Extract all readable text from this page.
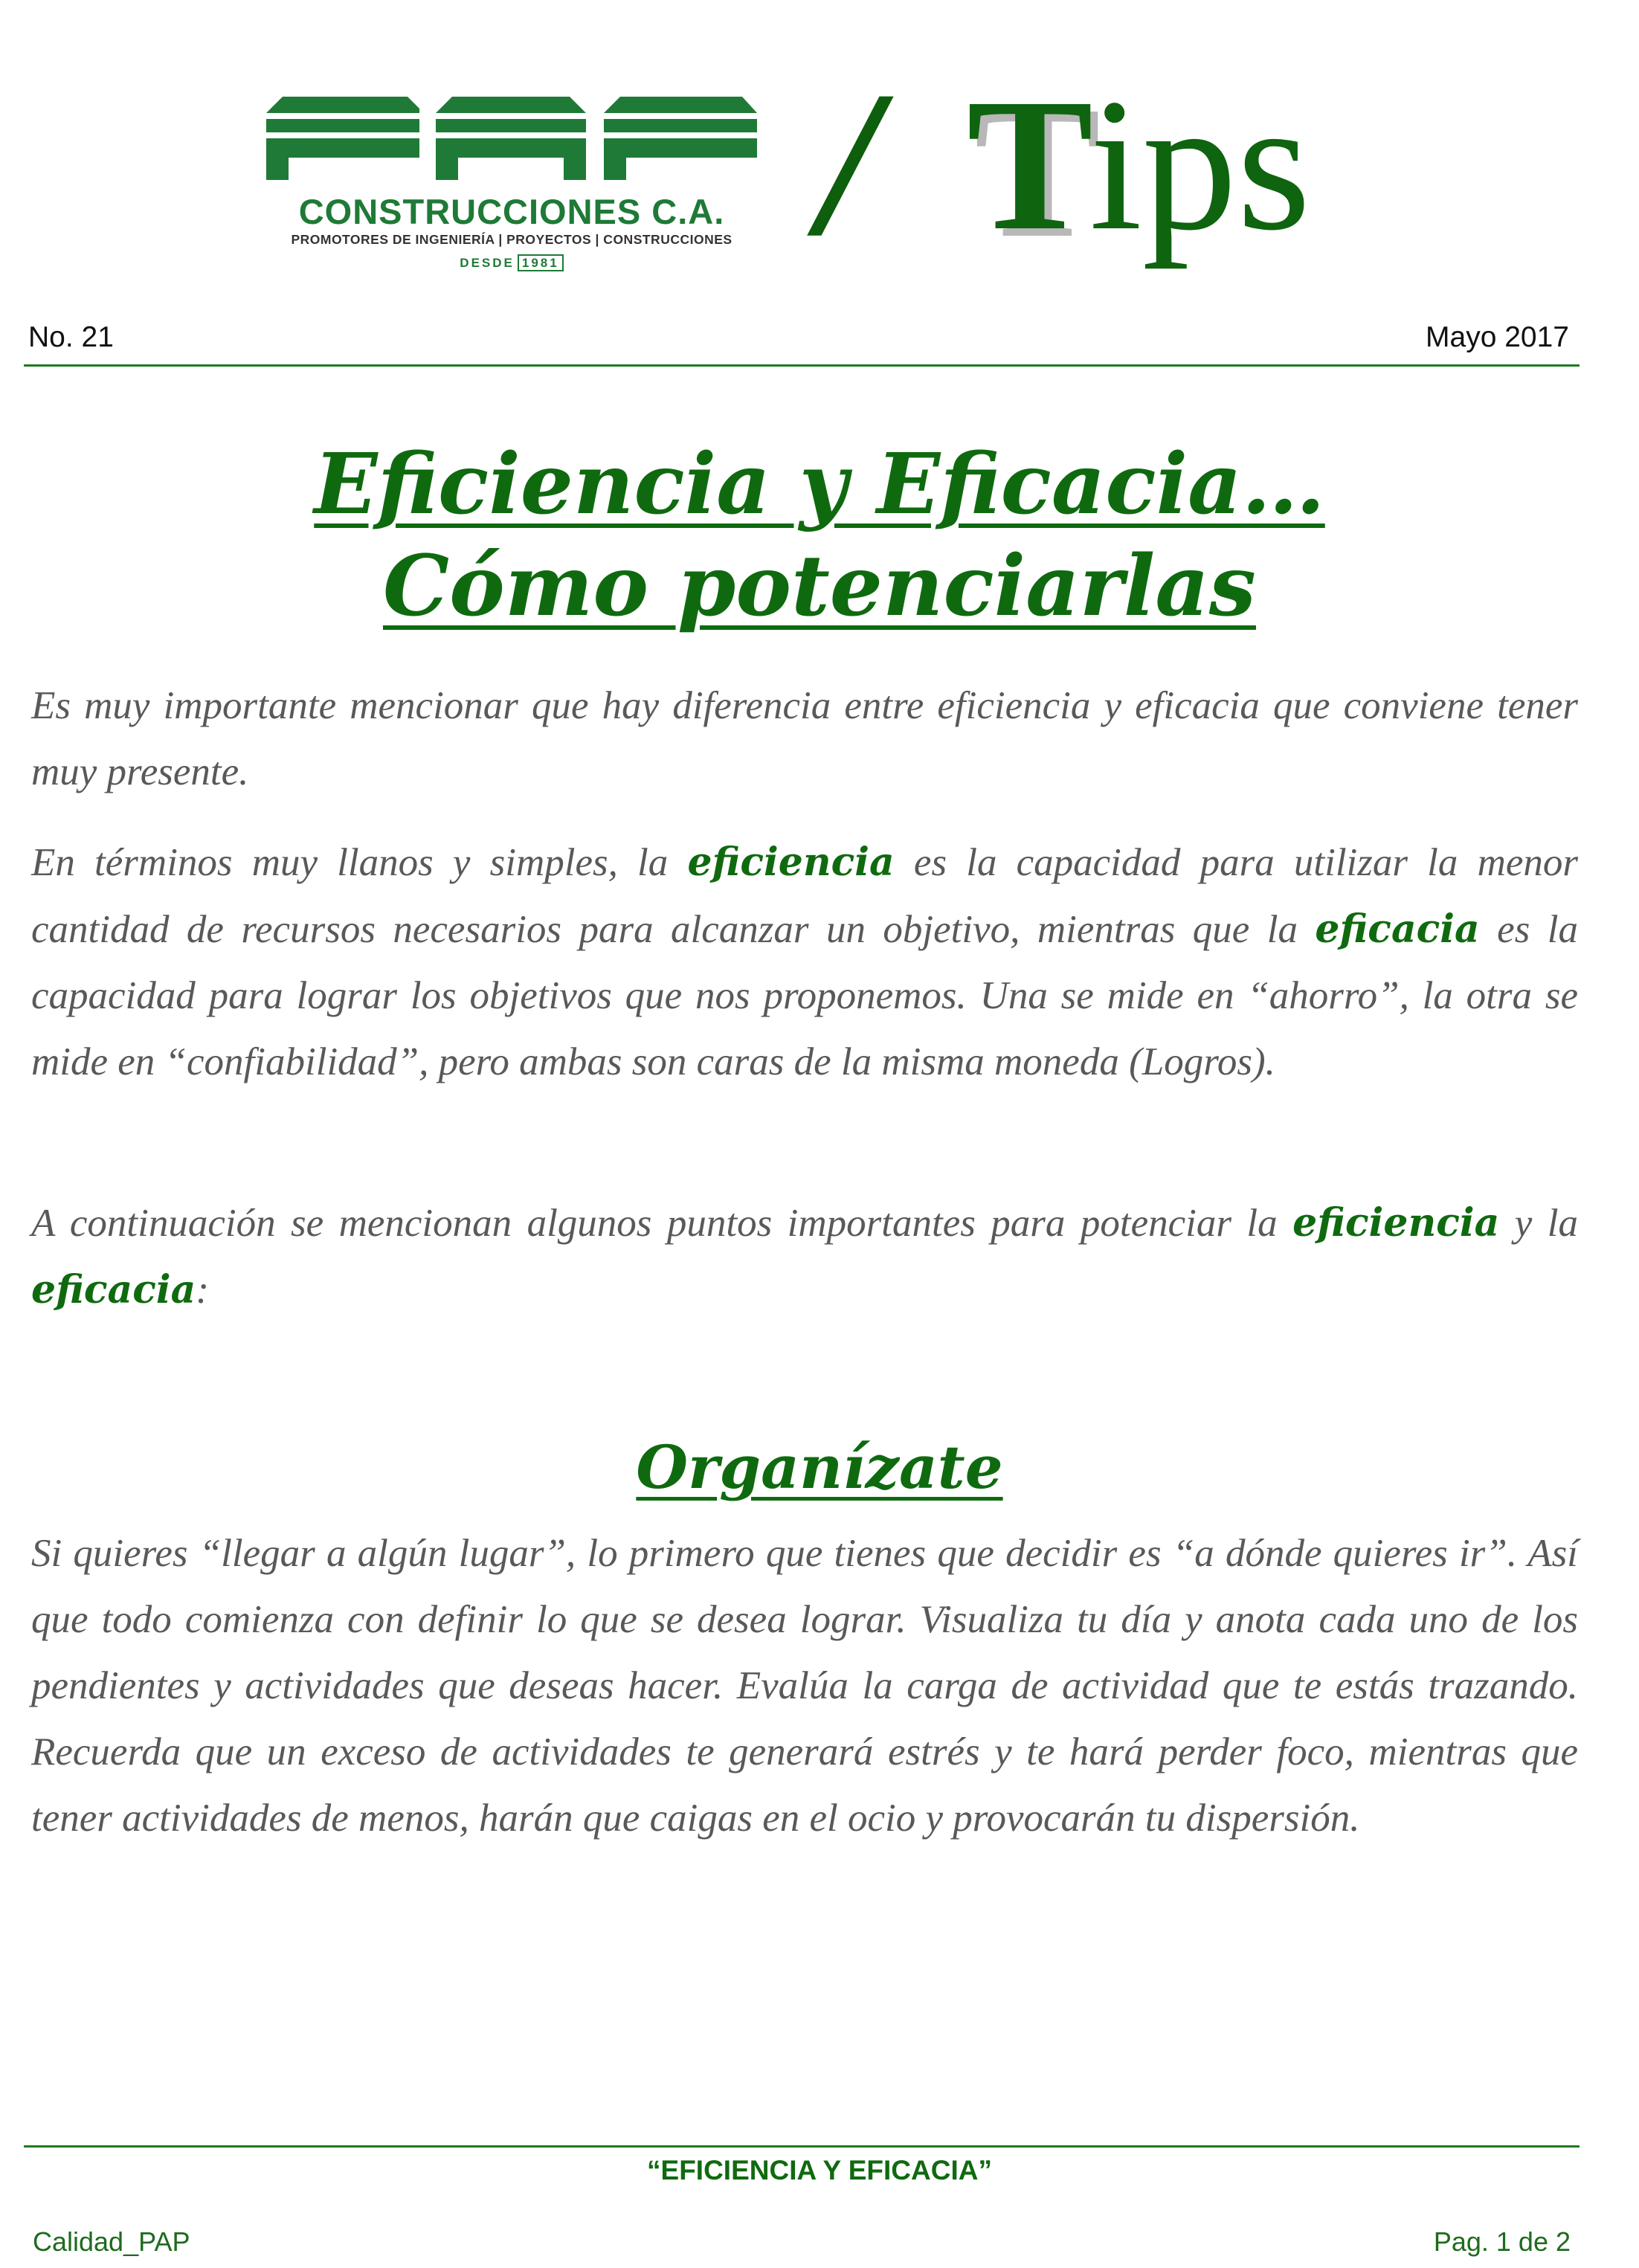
CONSTRUCCIONES C.A.
PROMOTORES DE INGENIERÍA | PROYECTOS | CONSTRUCCIONES
DESDE 1981	/ T
ips
No. 21	Mayo 2017
Eficiencia y Eficacia…
Cómo potenciarlas

Es muy importante mencionar que hay diferencia entre eficiencia y eficacia que conviene tener muy presente.

En términos muy llanos y simples, la eficiencia es la capacidad para utilizar la menor cantidad de recursos necesarios para alcanzar un objetivo, mientras que la eficacia es la capacidad para lograr los objetivos que nos proponemos. Una se mide en “ahorro”, la otra se mide en “confiabilidad”, pero ambas son caras de la misma moneda (Logros).

A continuación se mencionan algunos puntos importantes para potenciar la eficiencia y la eficacia:

Organízate

Si quieres “llegar a algún lugar”, lo primero que tienes que decidir es “a dónde quieres ir”. Así que todo comienza con definir lo que se desea lograr. Visualiza tu día y anota cada uno de los pendientes y actividades que deseas hacer. Evalúa la carga de actividad que te estás trazando. Recuerda que un exceso de actividades te generará estrés y te hará perder foco, mientras que tener actividades de menos, harán que caigas en el ocio y provocarán tu dispersión.

“EFICIENCIA Y EFICACIA”
Calidad_PAP	Pag. 1 de 2
